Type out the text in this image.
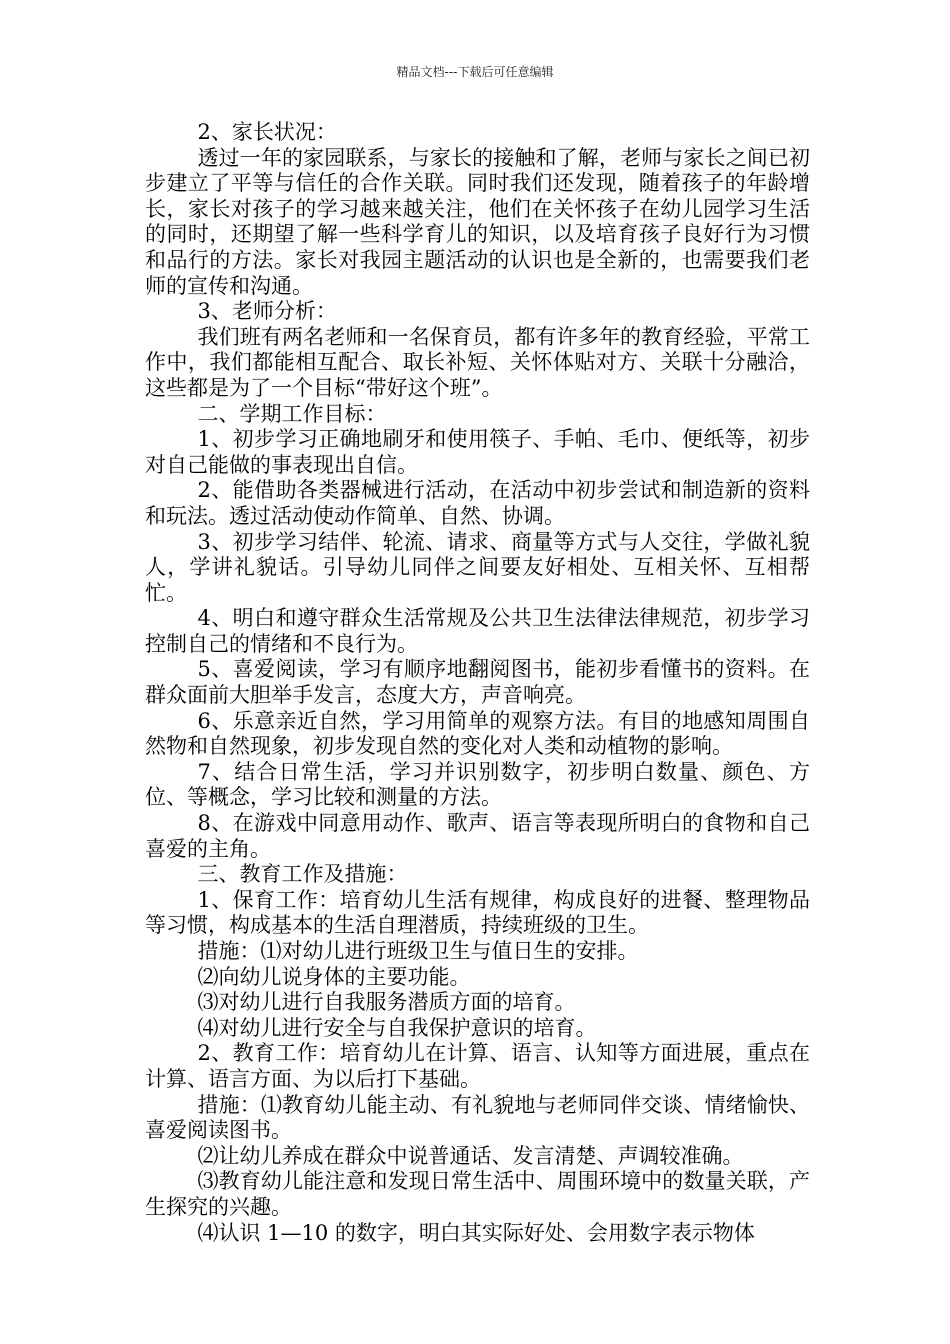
精品文档---下载后可任意编辑

2、家长状况：

透过一年的家园联系，与家长的接触和了解，老师与家长之间已初步建立了平等与信任的合作关联。同时我们还发现，随着孩子的年龄增长，家长对孩子的学习越来越关注，他们在关怀孩子在幼儿园学习生活的同时，还期望了解一些科学育儿的知识，以及培育孩子良好行为习惯和品行的方法。家长对我园主题活动的认识也是全新的，也需要我们老师的宣传和沟通。

3、老师分析：

我们班有两名老师和一名保育员，都有许多年的教育经验，平常工作中，我们都能相互配合、取长补短、关怀体贴对方、关联十分融洽，这些都是为了一个目标“带好这个班”。

二、学期工作目标：

1、初步学习正确地刷牙和使用筷子、手帕、毛巾、便纸等，初步对自己能做的事表现出自信。

2、能借助各类器械进行活动，在活动中初步尝试和制造新的资料和玩法。透过活动使动作简单、自然、协调。

3、初步学习结伴、轮流、请求、商量等方式与人交往，学做礼貌人，学讲礼貌话。引导幼儿同伴之间要友好相处、互相关怀、互相帮忙。

4、明白和遵守群众生活常规及公共卫生法律法律规范，初步学习控制自己的情绪和不良行为。

5、喜爱阅读，学习有顺序地翻阅图书，能初步看懂书的资料。在群众面前大胆举手发言，态度大方，声音响亮。

6、乐意亲近自然，学习用简单的观察方法。有目的地感知周围自然物和自然现象，初步发现自然的变化对人类和动植物的影响。

7、结合日常生活，学习并识别数字，初步明白数量、颜色、方位、等概念，学习比较和测量的方法。

8、在游戏中同意用动作、歌声、语言等表现所明白的食物和自己喜爱的主角。

三、教育工作及措施：

1、保育工作：培育幼儿生活有规律，构成良好的进餐、整理物品等习惯，构成基本的生活自理潜质，持续班级的卫生。

措施：⑴对幼儿进行班级卫生与值日生的安排。

⑵向幼儿说身体的主要功能。

⑶对幼儿进行自我服务潜质方面的培育。

⑷对幼儿进行安全与自我保护意识的培育。

2、教育工作：培育幼儿在计算、语言、认知等方面进展，重点在计算、语言方面、为以后打下基础。

措施：⑴教育幼儿能主动、有礼貌地与老师同伴交谈、情绪愉快、喜爱阅读图书。

⑵让幼儿养成在群众中说普通话、发言清楚、声调较准确。

⑶教育幼儿能注意和发现日常生活中、周围环境中的数量关联，产生探究的兴趣。

⑷认识 1—10 的数字，明白其实际好处、会用数字表示物体
